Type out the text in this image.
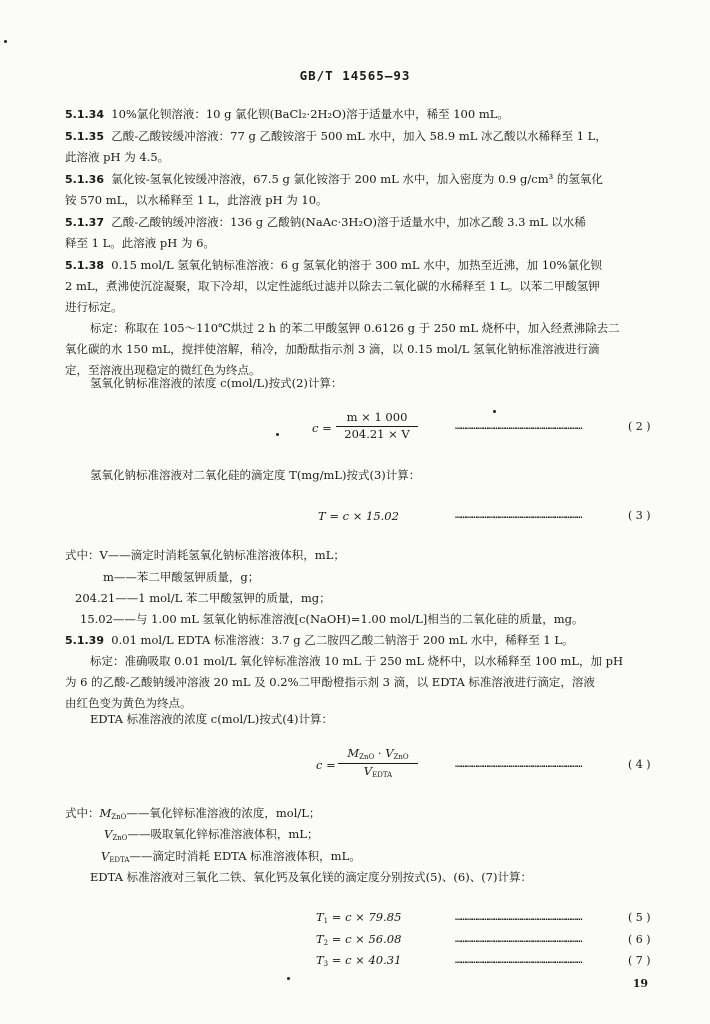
GB/T 14565—93
5.1.34 10%氯化钡溶液：10 g 氯化钡(BaCl₂·2H₂O)溶于适量水中，稀至 100 mL。
5.1.35 乙酸-乙酸铵缓冲溶液：77 g 乙酸铵溶于 500 mL 水中，加入 58.9 mL 冰乙酸以水稀释至 1 L，
此溶液 pH 为 4.5。
5.1.36 氯化铵-氢氧化铵缓冲溶液，67.5 g 氯化铵溶于 200 mL 水中，加入密度为 0.9 g/cm³ 的氢氧化
铵 570 mL，以水稀释至 1 L，此溶液 pH 为 10。
5.1.37 乙酸-乙酸钠缓冲溶液：136 g 乙酸钠(NaAc·3H₂O)溶于适量水中，加冰乙酸 3.3 mL 以水稀
释至 1 L。此溶液 pH 为 6。
5.1.38 0.15 mol/L 氢氧化钠标准溶液：6 g 氢氧化钠溶于 300 mL 水中，加热至近沸，加 10%氯化钡
2 mL，煮沸使沉淀凝聚，取下冷却，以定性滤纸过滤并以除去二氧化碳的水稀释至 1 L。以苯二甲酸氢钾
进行标定。
标定：称取在 105～110℃烘过 2 h 的苯二甲酸氢钾 0.6126 g 于 250 mL 烧杯中，加入经煮沸除去二
氧化碳的水 150 mL，搅拌使溶解，稍冷，加酚酞指示剂 3 滴，以 0.15 mol/L 氢氧化钠标准溶液进行滴
定，至溶液出现稳定的微红色为终点。
氢氧化钠标准溶液的浓度 c(mol/L)按式(2)计算：
$c = \frac{m \times 1 000}{204.21 \times V}$	……………………………………………………………	( 2 )
氢氧化钠标准溶液对二氧化硅的滴定度 T(mg/mL)按式(3)计算：
T = c × 15.02	……………………………………………………………	( 3 )
式中：V——滴定时消耗氢氧化钠标准溶液体积，mL；
m——苯二甲酸氢钾质量，g；
204.21——1 mol/L 苯二甲酸氢钾的质量，mg；
15.02——与 1.00 mL 氢氧化钠标准溶液[c(NaOH)=1.00 mol/L]相当的二氧化硅的质量，mg。
5.1.39 0.01 mol/L EDTA 标准溶液：3.7 g 乙二胺四乙酸二钠溶于 200 mL 水中，稀释至 1 L。
标定：准确吸取 0.01 mol/L 氧化锌标准溶液 10 mL 于 250 mL 烧杯中，以水稀释至 100 mL，加 pH
为 6 的乙酸-乙酸钠缓冲溶液 20 mL 及 0.2%二甲酚橙指示剂 3 滴，以 EDTA 标准溶液进行滴定，溶液
由红色变为黄色为终点。
EDTA 标准溶液的浓度 c(mol/L)按式(4)计算：
c =
$M_{ZnO} \cdot V_{ZnO}$
$V_{EDTA}$
……………………………………………………………	( 4 )
式中：$M_{ZnO}——$氧化锌标准溶液的浓度，mol/L；
$V_{ZnO}——$吸取氧化锌标准溶液体积，mL；
$V_{EDTA}——$滴定时消耗 EDTA 标准溶液体积，mL。
EDTA 标准溶液对三氧化二铁、氧化钙及氧化镁的滴定度分别按式(5)、(6)、(7)计算：
$T_1 = c \times 79.85$	……………………………………………………………	( 5 )
$T_2 = c \times 56.08$	……………………………………………………………	( 6 )
$T_3 = c \times 40.31$	……………………………………………………………	( 7 )
19
